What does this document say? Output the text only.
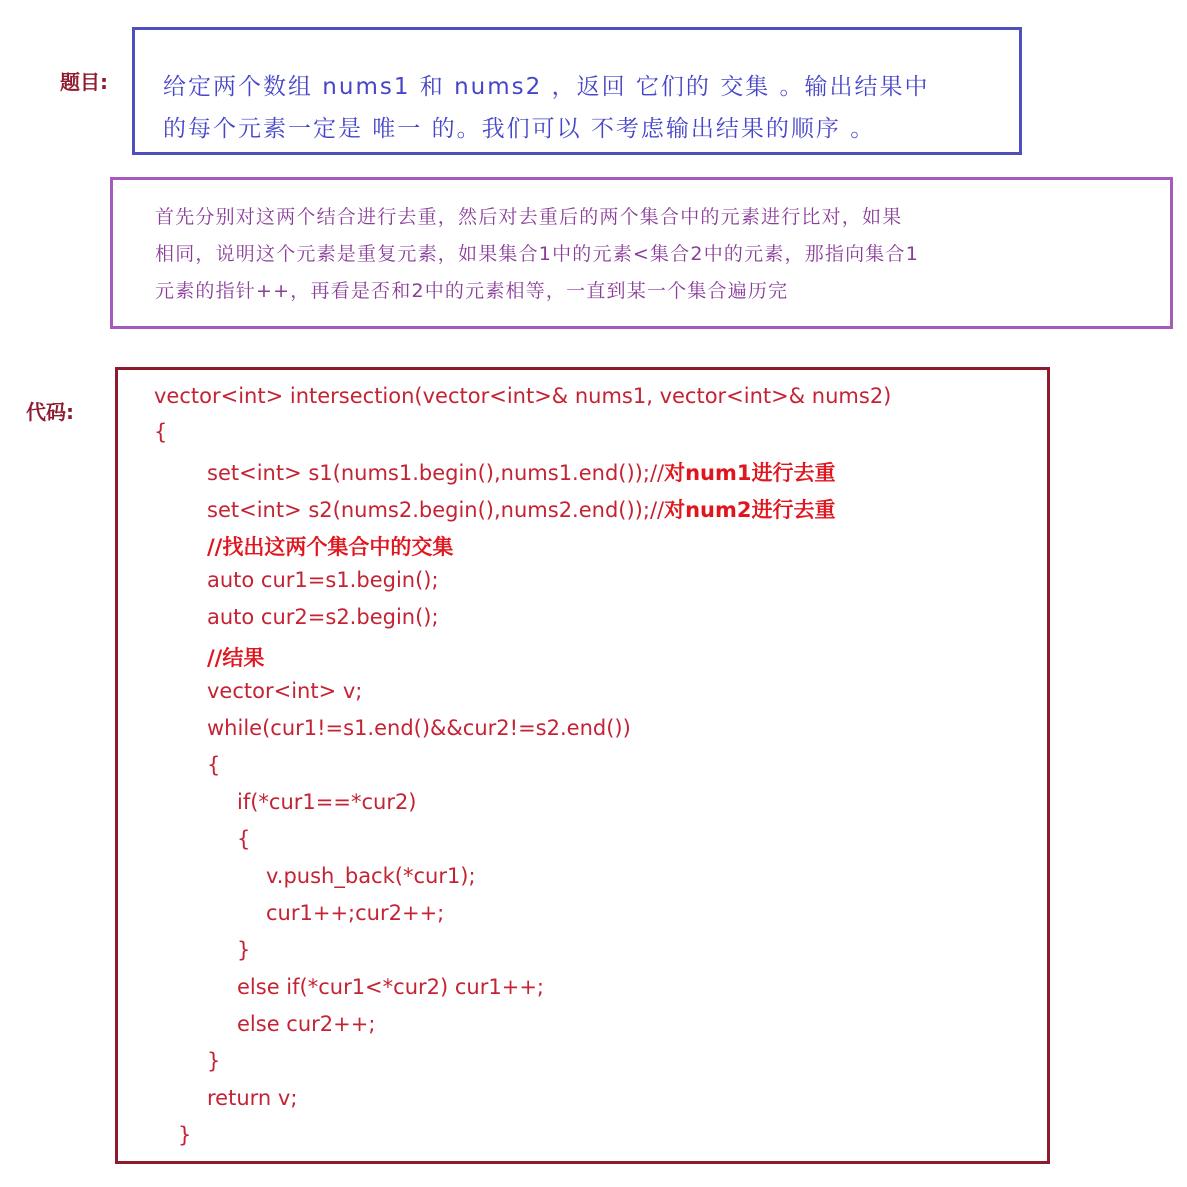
题目:
代码:
给定两个数组 nums1 和 nums2 ，返回 它们的 交集 。输出结果中
的每个元素一定是 唯一 的。我们可以 不考虑输出结果的顺序 。
首先分别对这两个结合进行去重，然后对去重后的两个集合中的元素进行比对，如果
相同，说明这个元素是重复元素，如果集合1中的元素<集合2中的元素，那指向集合1
元素的指针++，再看是否和2中的元素相等，一直到某一个集合遍历完
vector<int> intersection(vector<int>& nums1, vector<int>& nums2)
{
set<int> s1(nums1.begin(),nums1.end());//对num1进行去重
set<int> s2(nums2.begin(),nums2.end());//对num2进行去重
//找出这两个集合中的交集
auto cur1=s1.begin();
auto cur2=s2.begin();
//结果
vector<int> v;
while(cur1!=s1.end()&&cur2!=s2.end())
{
if(*cur1==*cur2)
{
v.push_back(*cur1);
cur1++;cur2++;
}
else if(*cur1<*cur2) cur1++;
else cur2++;
}
return v;
}
